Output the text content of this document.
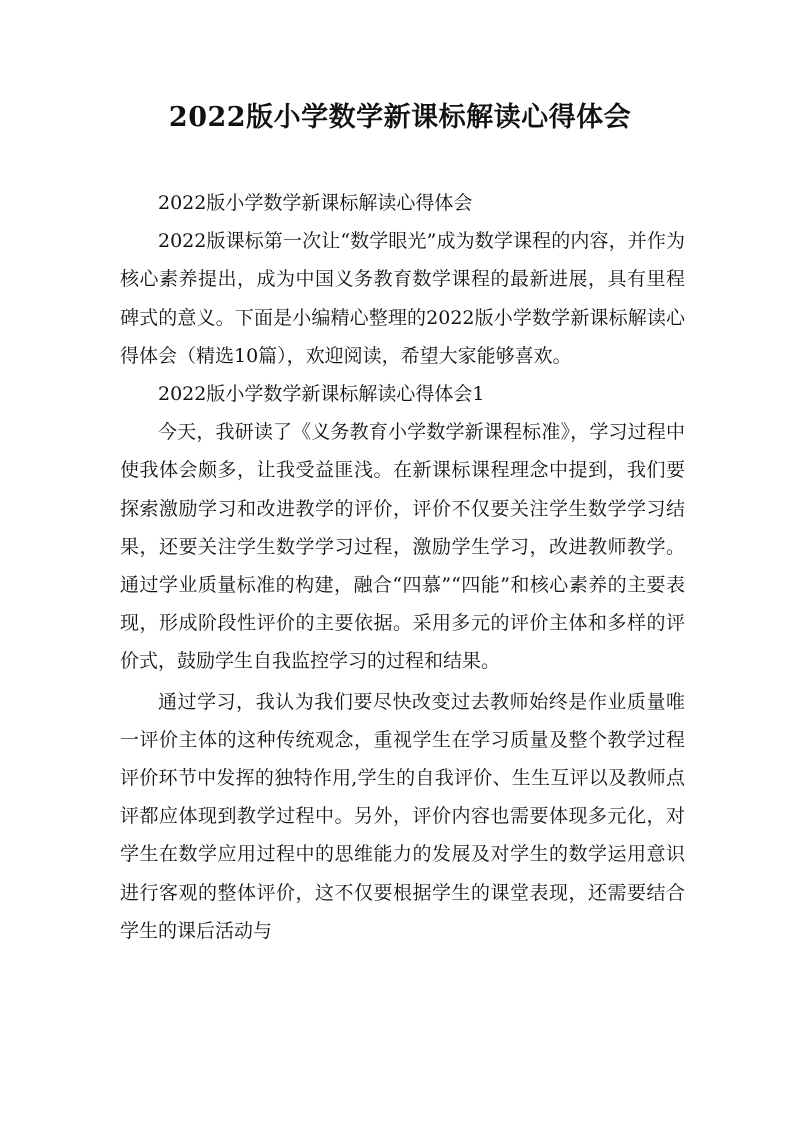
2022版小学数学新课标解读心得体会

2022版小学数学新课标解读心得体会

2022版课标第一次让“数学眼光”成为数学课程的内容，并作为核心素养提出，成为中国义务教育数学课程的最新进展，具有里程碑式的意义。下面是小编精心整理的2022版小学数学新课标解读心得体会（精选10篇），欢迎阅读，希望大家能够喜欢。

2022版小学数学新课标解读心得体会1

今天，我研读了《义务教育小学数学新课程标准》，学习过程中使我体会颇多，让我受益匪浅。在新课标课程理念中提到，我们要探索激励学习和改进教学的评价，评价不仅要关注学生数学学习结果，还要关注学生数学学习过程，激励学生学习，改进教师教学。通过学业质量标准的构建，融合“四慕”“四能”和核心素养的主要表现，形成阶段性评价的主要依据。采用多元的评价主体和多样的评价式，鼓励学生自我监控学习的过程和结果。

通过学习，我认为我们要尽快改变过去教师始终是作业质量唯一评价主体的这种传统观念，重视学生在学习质量及整个教学过程评价环节中发挥的独特作用,学生的自我评价、生生互评以及教师点评都应体现到教学过程中。另外，评价内容也需要体现多元化，对学生在数学应用过程中的思维能力的发展及对学生的数学运用意识进行客观的整体评价，这不仅要根据学生的课堂表现，还需要结合学生的课后活动与
